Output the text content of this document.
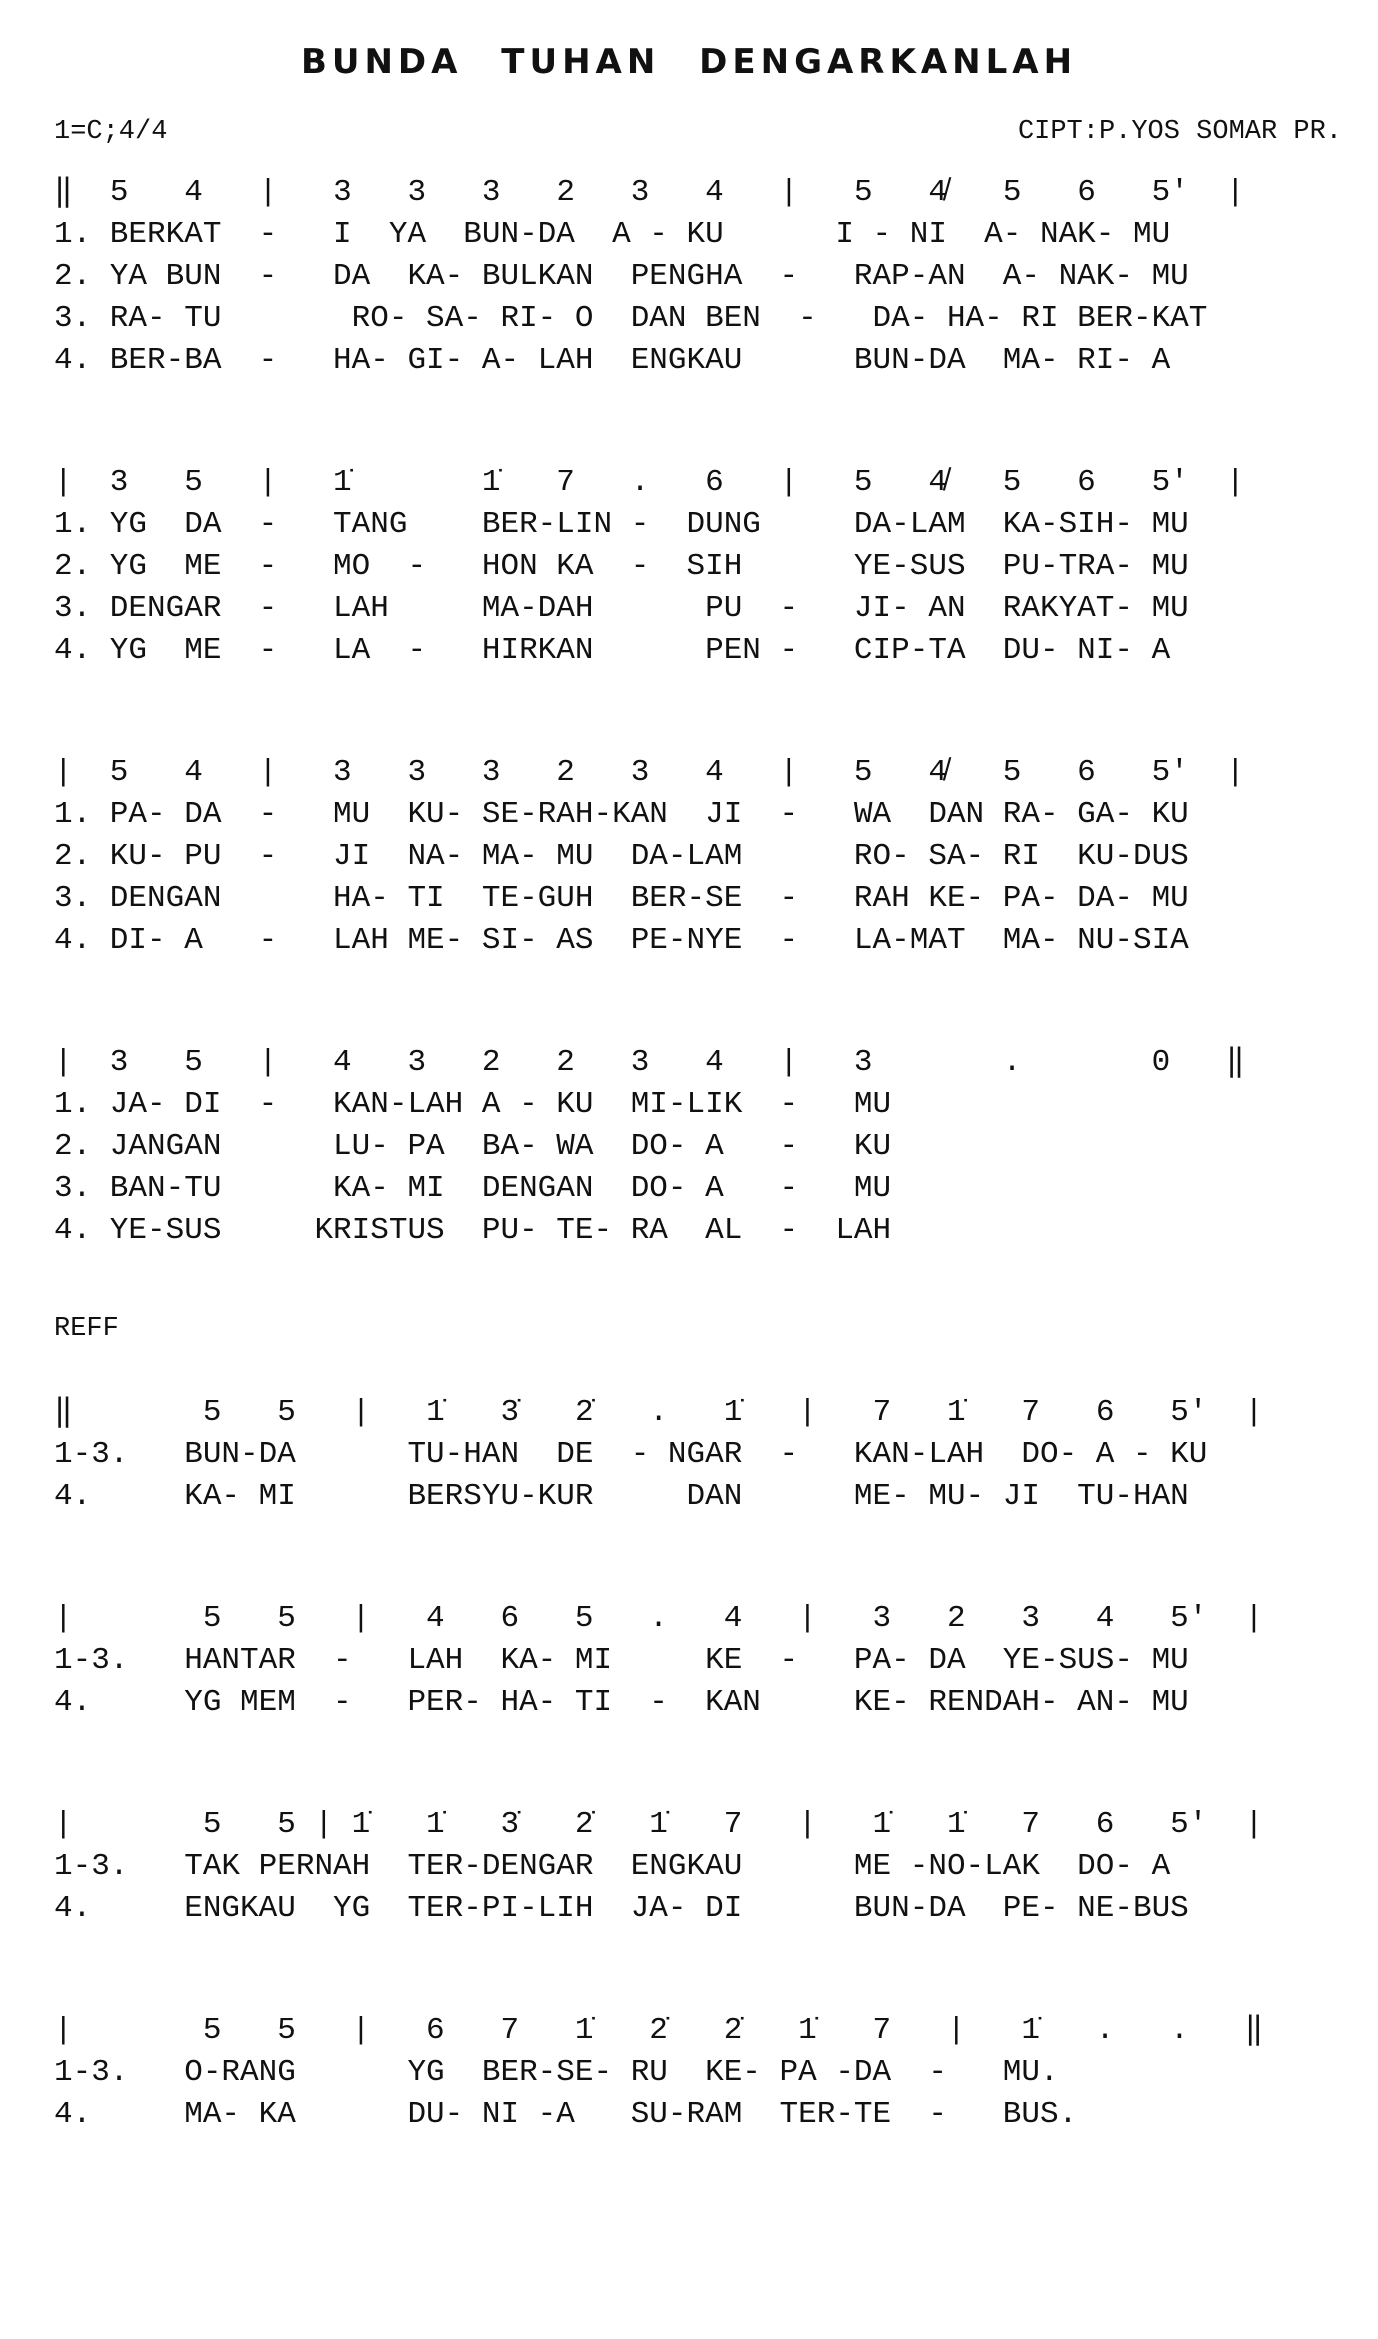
BUNDA TUHAN DENGARKANLAH
1=C;4/4	CIPT:P.YOS SOMAR PR.
‖  5   4   |   3   3   3   2   3   4   |   5   4̸   5   6   5'  |
1. BERKAT  -   I  YA  BUN-DA  A - KU      I - NI  A- NAK- MU
2. YA BUN  -   DA  KA- BULKAN  PENGHA  -   RAP-AN  A- NAK- MU
3. RA- TU       RO- SA- RI- O  DAN BEN  -   DA- HA- RI BER-KAT
4. BER-BA  -   HA- GI- A- LAH  ENGKAU      BUN-DA  MA- RI- A
|  3   5   |   1̇       1̇   7   .   6   |   5   4̸   5   6   5'  |
1. YG  DA  -   TANG    BER-LIN -  DUNG     DA-LAM  KA-SIH- MU
2. YG  ME  -   MO  -   HON KA  -  SIH      YE-SUS  PU-TRA- MU
3. DENGAR  -   LAH     MA-DAH      PU  -   JI- AN  RAKYAT- MU
4. YG  ME  -   LA  -   HIRKAN      PEN -   CIP-TA  DU- NI- A
|  5   4   |   3   3   3   2   3   4   |   5   4̸   5   6   5'  |
1. PA- DA  -   MU  KU- SE-RAH-KAN  JI  -   WA  DAN RA- GA- KU
2. KU- PU  -   JI  NA- MA- MU  DA-LAM      RO- SA- RI  KU-DUS
3. DENGAN      HA- TI  TE-GUH  BER-SE  -   RAH KE- PA- DA- MU
4. DI- A   -   LAH ME- SI- AS  PE-NYE  -   LA-MAT  MA- NU-SIA
|  3   5   |   4   3   2   2   3   4   |   3       .       0   ‖
1. JA- DI  -   KAN-LAH A - KU  MI-LIK  -   MU
2. JANGAN      LU- PA  BA- WA  DO- A   -   KU
3. BAN-TU      KA- MI  DENGAN  DO- A   -   MU
4. YE-SUS     KRISTUS  PU- TE- RA  AL  -  LAH
REFF
‖       5   5   |   1̇   3̇   2̇   .   1̇   |   7   1̇   7   6   5'  |
1-3.   BUN-DA      TU-HAN  DE  - NGAR  -   KAN-LAH  DO- A - KU
4.     KA- MI      BERSYU-KUR     DAN      ME- MU- JI  TU-HAN
|       5   5   |   4   6   5   .   4   |   3   2   3   4   5'  |
1-3.   HANTAR  -   LAH  KA- MI     KE  -   PA- DA  YE-SUS- MU
4.     YG MEM  -   PER- HA- TI  -  KAN     KE- RENDAH- AN- MU
|       5   5 | 1̇   1̇   3̇   2̇   1̇   7   |   1̇   1̇   7   6   5'  |
1-3.   TAK PERNAH  TER-DENGAR  ENGKAU      ME -NO-LAK  DO- A
4.     ENGKAU  YG  TER-PI-LIH  JA- DI      BUN-DA  PE- NE-BUS
|       5   5   |   6   7   1̇   2̇   2̇   1̇   7   |   1̇   .   .   ‖
1-3.   O-RANG      YG  BER-SE- RU  KE- PA -DA  -   MU.
4.     MA- KA      DU- NI -A   SU-RAM  TER-TE  -   BUS.
